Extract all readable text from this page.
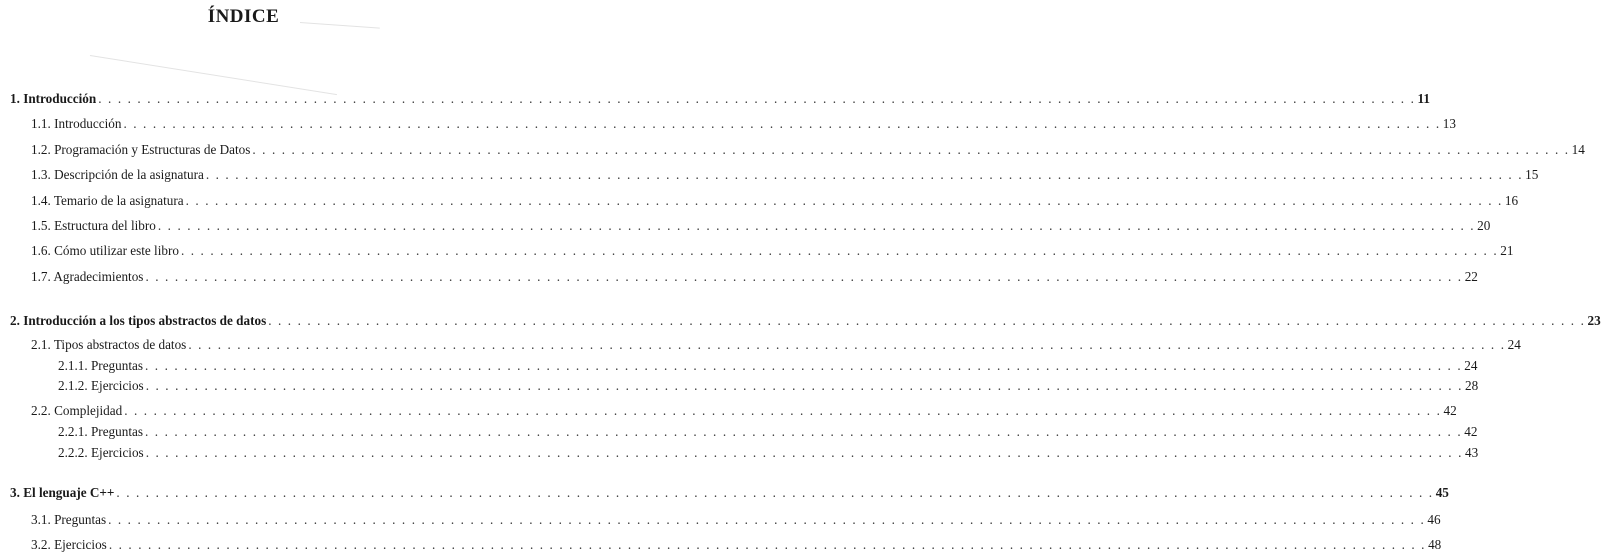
ÍNDICE
1. Introducción . . . . . . . . . . . . . . . . . . . . . . . . . . . . . . . . . . . . . . . . . . . . . . . . . . . . . . . . . . . . . . . . . . . . . . . . . . . . . . . . . . . . . . . . . . . . . . . . . . . . . . . . . . . . . . . . . . . . . . . . . . . . . . . . . . . . . . . 11
1.1. Introducción . . . . . . . . . . . . . . . . . . . . . . . . . . . . . . . . . . . . . . . . . . . . . . . . . . . . . . . . . . . . . . . . . . . . . . . . . . . . . . . . . . . . . . . . . . . . . . . . . . . . . . . . . . . . . . . . . . . . . . . . . . . . . . . . . . . . . . . 13
1.2. Programación y Estructuras de Datos . . . . . . . . . . . . . . . . . . . . . . . . . . . . . . . . . . . . . . . . . . . . . . . . . . . . . . . . . . . . . . . . . . . . . . . . . . . . . . . . . . . . . . . . . . . . . . . . . . . . . . . . . . . . . . . . . . . . . . . . . . . . . . . . . . . . . . . 14
1.3. Descripción de la asignatura . . . . . . . . . . . . . . . . . . . . . . . . . . . . . . . . . . . . . . . . . . . . . . . . . . . . . . . . . . . . . . . . . . . . . . . . . . . . . . . . . . . . . . . . . . . . . . . . . . . . . . . . . . . . . . . . . . . . . . . . . . . . . . . . . . . . . . . 15
1.4. Temario de la asignatura . . . . . . . . . . . . . . . . . . . . . . . . . . . . . . . . . . . . . . . . . . . . . . . . . . . . . . . . . . . . . . . . . . . . . . . . . . . . . . . . . . . . . . . . . . . . . . . . . . . . . . . . . . . . . . . . . . . . . . . . . . . . . . . . . . . . . . . 16
1.5. Estructura del libro . . . . . . . . . . . . . . . . . . . . . . . . . . . . . . . . . . . . . . . . . . . . . . . . . . . . . . . . . . . . . . . . . . . . . . . . . . . . . . . . . . . . . . . . . . . . . . . . . . . . . . . . . . . . . . . . . . . . . . . . . . . . . . . . . . . . . . . 20
1.6. Cómo utilizar este libro . . . . . . . . . . . . . . . . . . . . . . . . . . . . . . . . . . . . . . . . . . . . . . . . . . . . . . . . . . . . . . . . . . . . . . . . . . . . . . . . . . . . . . . . . . . . . . . . . . . . . . . . . . . . . . . . . . . . . . . . . . . . . . . . . . . . . . . 21
1.7. Agradecimientos . . . . . . . . . . . . . . . . . . . . . . . . . . . . . . . . . . . . . . . . . . . . . . . . . . . . . . . . . . . . . . . . . . . . . . . . . . . . . . . . . . . . . . . . . . . . . . . . . . . . . . . . . . . . . . . . . . . . . . . . . . . . . . . . . . . . . . . 22
2. Introducción a los tipos abstractos de datos . . . . . . . . . . . . . . . . . . . . . . . . . . . . . . . . . . . . . . . . . . . . . . . . . . . . . . . . . . . . . . . . . . . . . . . . . . . . . . . . . . . . . . . . . . . . . . . . . . . . . . . . . . . . . . . . . . . . . . . . . . . . . . . . . . . . . . . 23
2.1. Tipos abstractos de datos . . . . . . . . . . . . . . . . . . . . . . . . . . . . . . . . . . . . . . . . . . . . . . . . . . . . . . . . . . . . . . . . . . . . . . . . . . . . . . . . . . . . . . . . . . . . . . . . . . . . . . . . . . . . . . . . . . . . . . . . . . . . . . . . . . . . . . . 24
2.1.1. Preguntas . . . . . . . . . . . . . . . . . . . . . . . . . . . . . . . . . . . . . . . . . . . . . . . . . . . . . . . . . . . . . . . . . . . . . . . . . . . . . . . . . . . . . . . . . . . . . . . . . . . . . . . . . . . . . . . . . . . . . . . . . . . . . . . . . . . . . . . 24
2.1.2. Ejercicios . . . . . . . . . . . . . . . . . . . . . . . . . . . . . . . . . . . . . . . . . . . . . . . . . . . . . . . . . . . . . . . . . . . . . . . . . . . . . . . . . . . . . . . . . . . . . . . . . . . . . . . . . . . . . . . . . . . . . . . . . . . . . . . . . . . . . . . 28
2.2. Complejidad . . . . . . . . . . . . . . . . . . . . . . . . . . . . . . . . . . . . . . . . . . . . . . . . . . . . . . . . . . . . . . . . . . . . . . . . . . . . . . . . . . . . . . . . . . . . . . . . . . . . . . . . . . . . . . . . . . . . . . . . . . . . . . . . . . . . . . . 42
2.2.1. Preguntas . . . . . . . . . . . . . . . . . . . . . . . . . . . . . . . . . . . . . . . . . . . . . . . . . . . . . . . . . . . . . . . . . . . . . . . . . . . . . . . . . . . . . . . . . . . . . . . . . . . . . . . . . . . . . . . . . . . . . . . . . . . . . . . . . . . . . . . 42
2.2.2. Ejercicios . . . . . . . . . . . . . . . . . . . . . . . . . . . . . . . . . . . . . . . . . . . . . . . . . . . . . . . . . . . . . . . . . . . . . . . . . . . . . . . . . . . . . . . . . . . . . . . . . . . . . . . . . . . . . . . . . . . . . . . . . . . . . . . . . . . . . . . 43
3. El lenguaje C++ . . . . . . . . . . . . . . . . . . . . . . . . . . . . . . . . . . . . . . . . . . . . . . . . . . . . . . . . . . . . . . . . . . . . . . . . . . . . . . . . . . . . . . . . . . . . . . . . . . . . . . . . . . . . . . . . . . . . . . . . . . . . . . . . . . . . . . . 45
3.1. Preguntas . . . . . . . . . . . . . . . . . . . . . . . . . . . . . . . . . . . . . . . . . . . . . . . . . . . . . . . . . . . . . . . . . . . . . . . . . . . . . . . . . . . . . . . . . . . . . . . . . . . . . . . . . . . . . . . . . . . . . . . . . . . . . . . . . . . . . . . 46
3.2. Ejercicios . . . . . . . . . . . . . . . . . . . . . . . . . . . . . . . . . . . . . . . . . . . . . . . . . . . . . . . . . . . . . . . . . . . . . . . . . . . . . . . . . . . . . . . . . . . . . . . . . . . . . . . . . . . . . . . . . . . . . . . . . . . . . . . . . . . . . . . 48
